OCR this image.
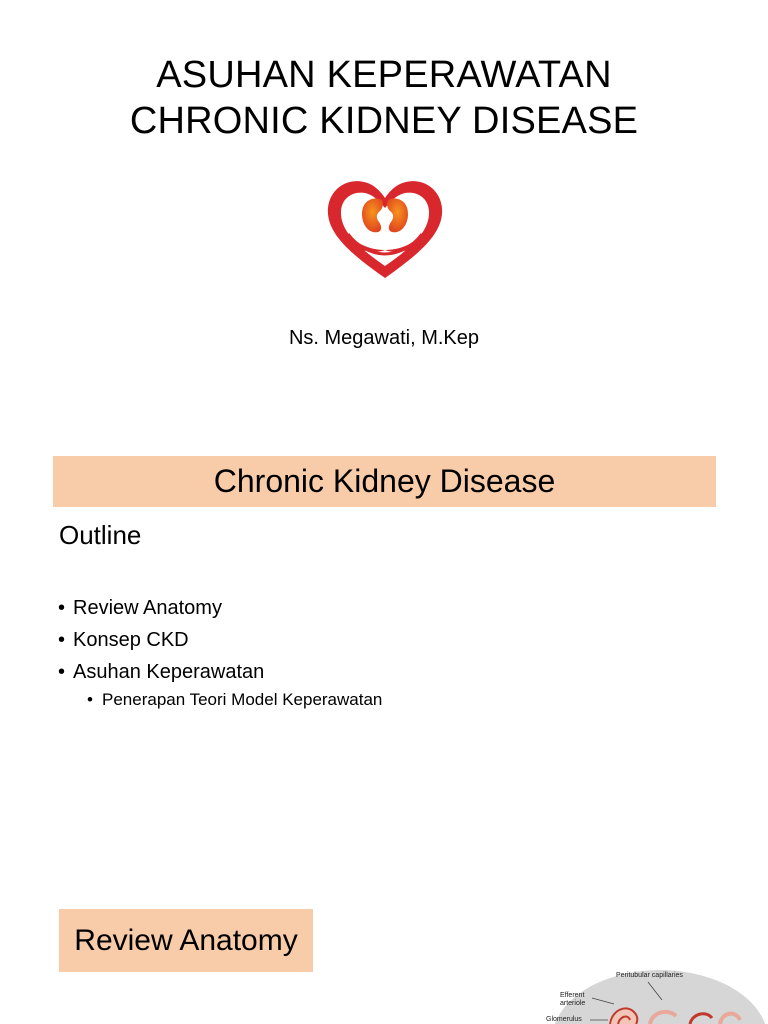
ASUHAN KEPERAWATAN
CHRONIC KIDNEY DISEASE
Ns. Megawati, M.Kep
Chronic Kidney Disease
Outline
• Review Anatomy
• Konsep CKD
• Asuhan Keperawatan
• Penerapan Teori Model Keperawatan
Review Anatomy
Peritubular capillaries
Efferent
arteriole
Glomerulus
